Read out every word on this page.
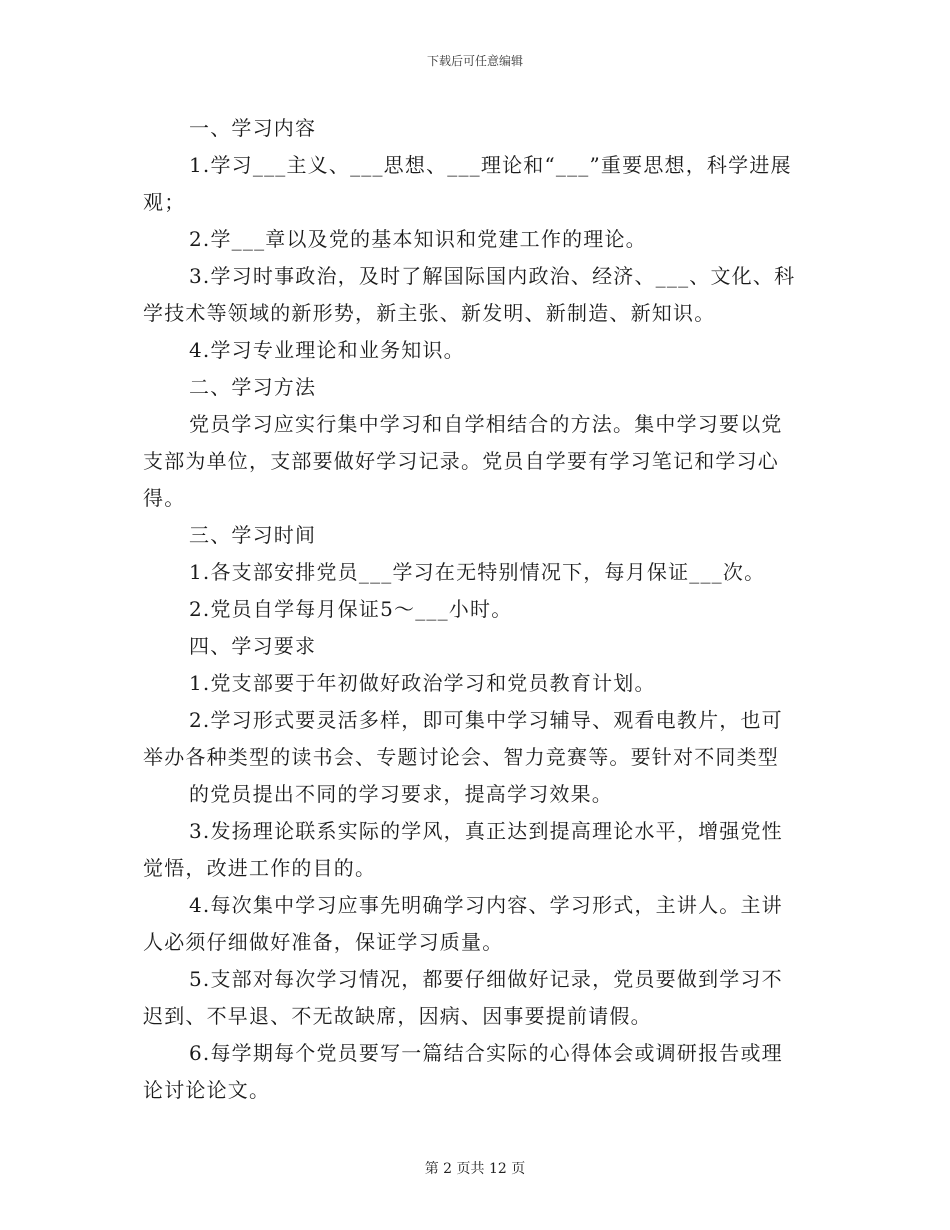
下载后可任意编辑

一、学习内容

1.学习___主义、___思想、___理论和“___”重要思想，科学进展观；

2.学___章以及党的基本知识和党建工作的理论。

3.学习时事政治，及时了解国际国内政治、经济、___、文化、科学技术等领域的新形势，新主张、新发明、新制造、新知识。

4.学习专业理论和业务知识。

二、学习方法

党员学习应实行集中学习和自学相结合的方法。集中学习要以党支部为单位，支部要做好学习记录。党员自学要有学习笔记和学习心得。

三、学习时间

1.各支部安排党员___学习在无特别情况下，每月保证___次。

2.党员自学每月保证5～___小时。

四、学习要求

1.党支部要于年初做好政治学习和党员教育计划。

2.学习形式要灵活多样，即可集中学习辅导、观看电教片，也可举办各种类型的读书会、专题讨论会、智力竞赛等。要针对不同类型

的党员提出不同的学习要求，提高学习效果。

3.发扬理论联系实际的学风，真正达到提高理论水平，增强党性觉悟，改进工作的目的。

4.每次集中学习应事先明确学习内容、学习形式，主讲人。主讲人必须仔细做好准备，保证学习质量。

5.支部对每次学习情况，都要仔细做好记录，党员要做到学习不迟到、不早退、不无故缺席，因病、因事要提前请假。

6.每学期每个党员要写一篇结合实际的心得体会或调研报告或理论讨论论文。

第 2 页共 12 页
